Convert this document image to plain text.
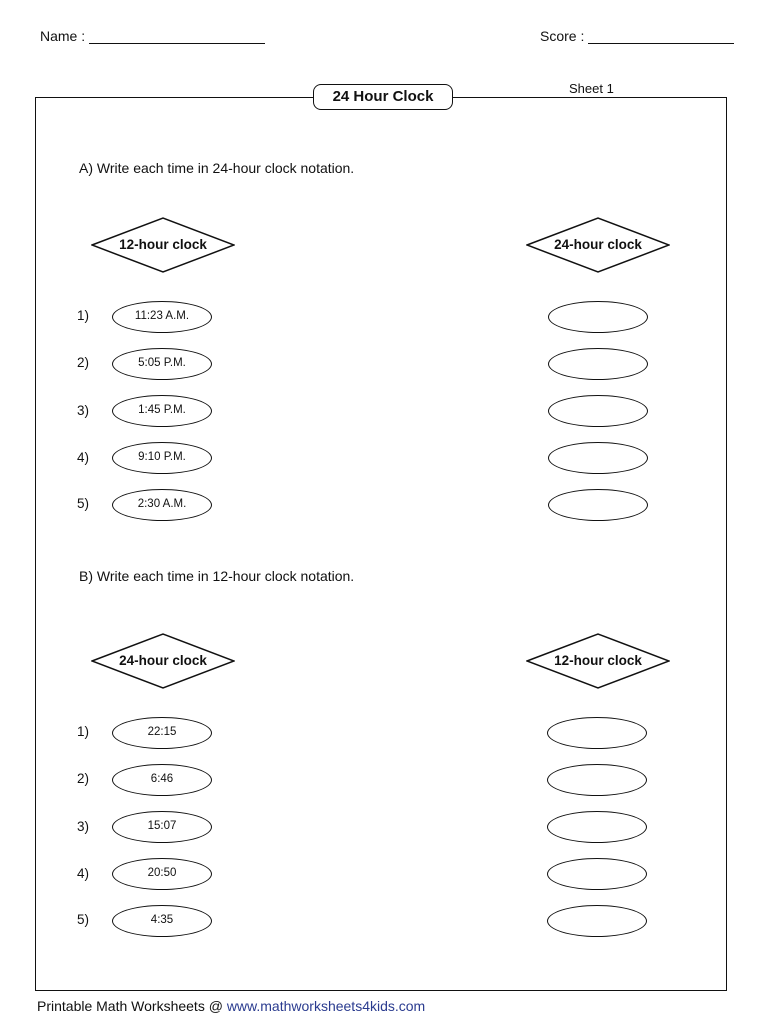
Name :	Score :
Sheet 1
24 Hour Clock
A) Write each time in 24-hour clock notation.
12-hour clock	24-hour clock
1)	11:23 A.M.
2)	5:05 P.M.
3)	1:45 P.M.
4)	9:10 P.M.
5)	2:30 A.M.
B) Write each time in 12-hour clock notation.
24-hour clock	12-hour clock
1)	22:15
2)	6:46
3)	15:07
4)	20:50
5)	4:35
Printable Math Worksheets @ www.mathworksheets4kids.com
